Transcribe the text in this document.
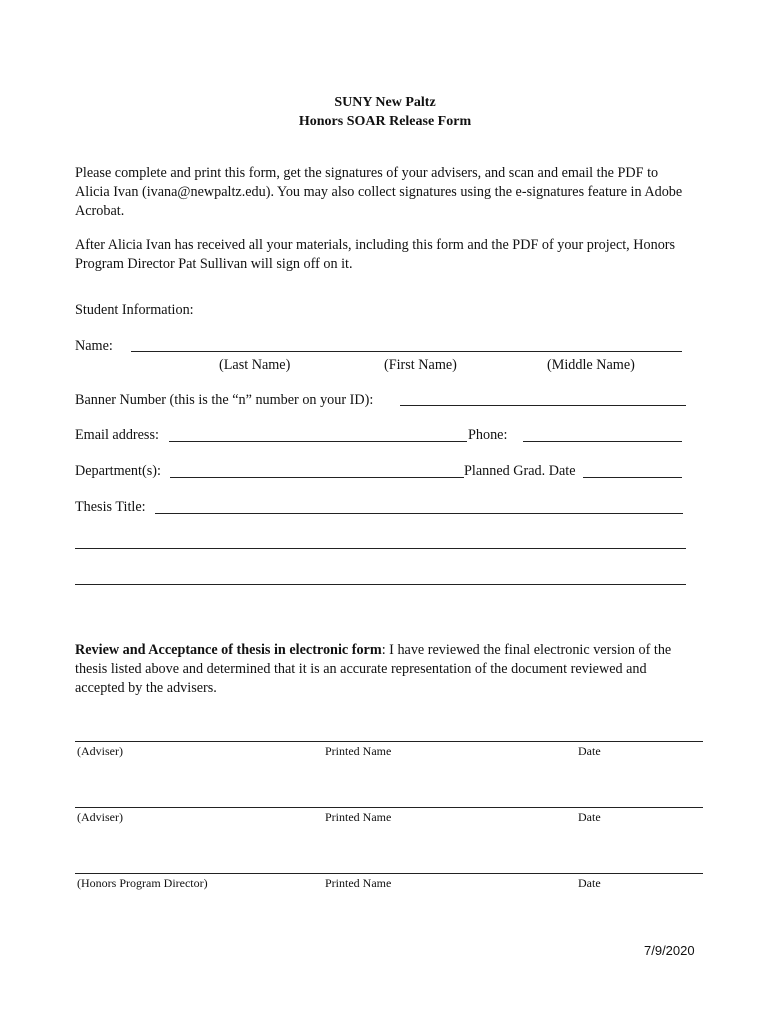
SUNY New Paltz
Honors SOAR Release Form
Please complete and print this form, get the signatures of your advisers, and scan and email the PDF to Alicia Ivan (ivana@newpaltz.edu). You may also collect signatures using the e-signatures feature in Adobe Acrobat.
After Alicia Ivan has received all your materials, including this form and the PDF of your project, Honors Program Director Pat Sullivan will sign off on it.
Student Information:
Name:
(Last Name)	(First Name)	(Middle Name)
Banner Number (this is the “n” number on your ID):
Email address:	Phone:
Department(s):	Planned Grad. Date
Thesis Title:
Review and Acceptance of thesis in electronic form: I have reviewed the final electronic version of the thesis listed above and determined that it is an accurate representation of the document reviewed and accepted by the advisers.
(Adviser)	Printed Name	Date
(Adviser)	Printed Name	Date
(Honors Program Director)	Printed Name	Date
7/9/2020
